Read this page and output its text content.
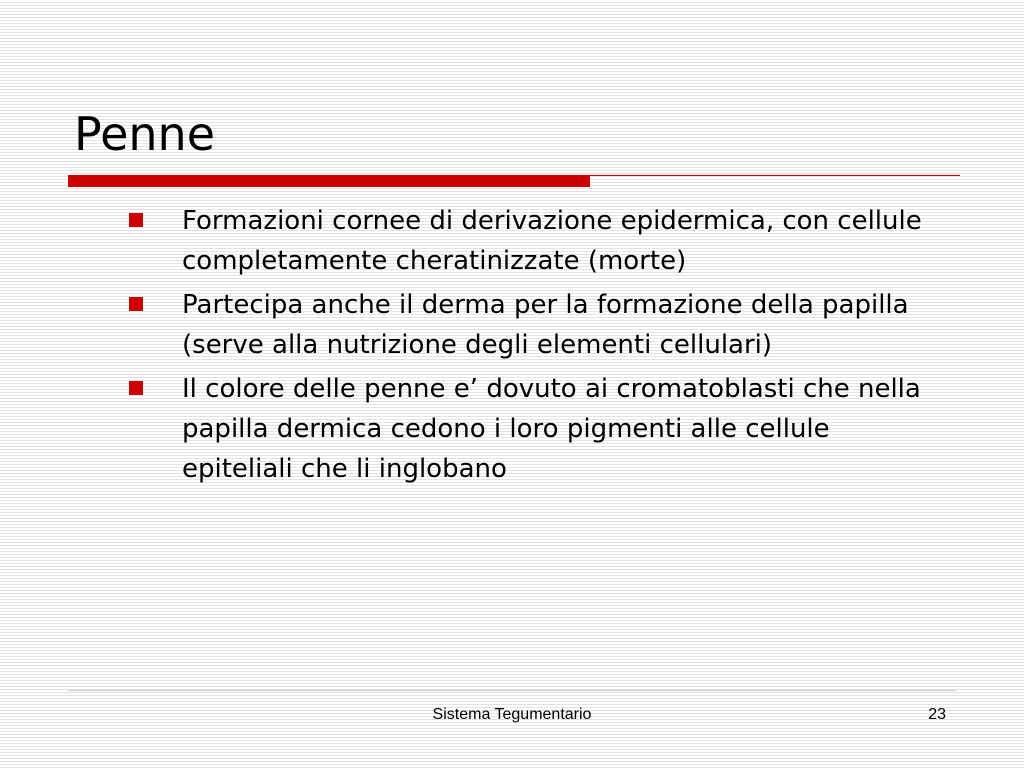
Penne
Formazioni cornee di derivazione epidermica, con cellule completamente cheratinizzate (morte)
Partecipa anche il derma per la formazione della papilla (serve alla nutrizione degli elementi cellulari)
Il colore delle penne e’ dovuto ai cromatoblasti che nella papilla dermica cedono i loro pigmenti alle cellule epiteliali che li inglobano
Sistema Tegumentario	23
